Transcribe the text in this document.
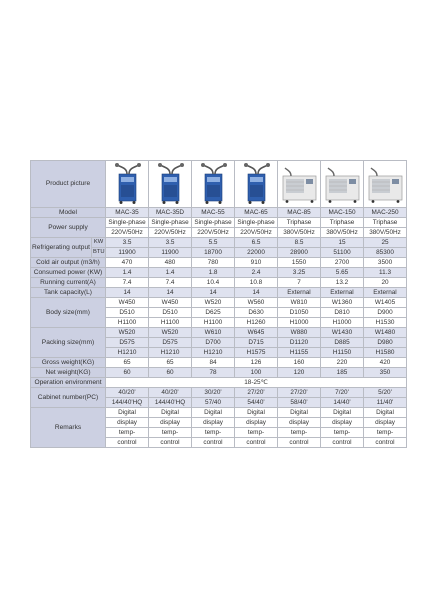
Product picture	

Model		MAC-35	MAC-35D	MAC-55	MAC-65	MAC-85	MAC-150	MAC-250
Power supply		Single-phase	Single-phase	Single-phase	Single-phase	Triphase	Triphase	Triphase
		220V/50Hz	220V/50Hz	220V/50Hz	220V/50Hz	380V/50Hz	380V/50Hz	380V/50Hz
Refrigerating output	KW	3.5	3.5	5.5	6.5	8.5	15	25
	BTU	11900	11900	18700	22000	28900	51100	85300
Cold air output (m3/h)		470	480	780	910	1550	2700	3500
Consumed power (KW)		1.4	1.4	1.8	2.4	3.25	5.65	11.3
Running current(A)		7.4	7.4	10.4	10.8	7	13.2	20
Tank capacity(L)		14	14	14	14	External	External	External
Body size(mm)		W450	W450	W520	W560	W810	W1360	W1405
		D510	D510	D625	D630	D1050	D810	D900
		H1100	H1100	H1100	H1260	H1000	H1000	H1530
Packing size(mm)		W520	W520	W610	W645	W880	W1430	W1480
		D575	D575	D700	D715	D1120	D885	D980
		H1210	H1210	H1210	H1575	H1155	H1150	H1580
Gross weight(KG)		65	65	84	126	160	220	420
Net weight(KG)		60	60	78	100	120	185	350
Operation environment		18-25℃						
Cabinet number(PC)		40/20'	40/20'	30/20'	27/20'	27/20'	7/20'	5/20'
		144/40'HQ	144/40'HQ	57/40	54/40'	58/40'	14/40'	11/40'
Remarks		Digital	Digital	Digital	Digital	Digital	Digital	Digital
		display	display	display	display	display	display	display
		temp-	temp-	temp-	temp-	temp-	temp-	temp-
		control	control	control	control	control	control	control
